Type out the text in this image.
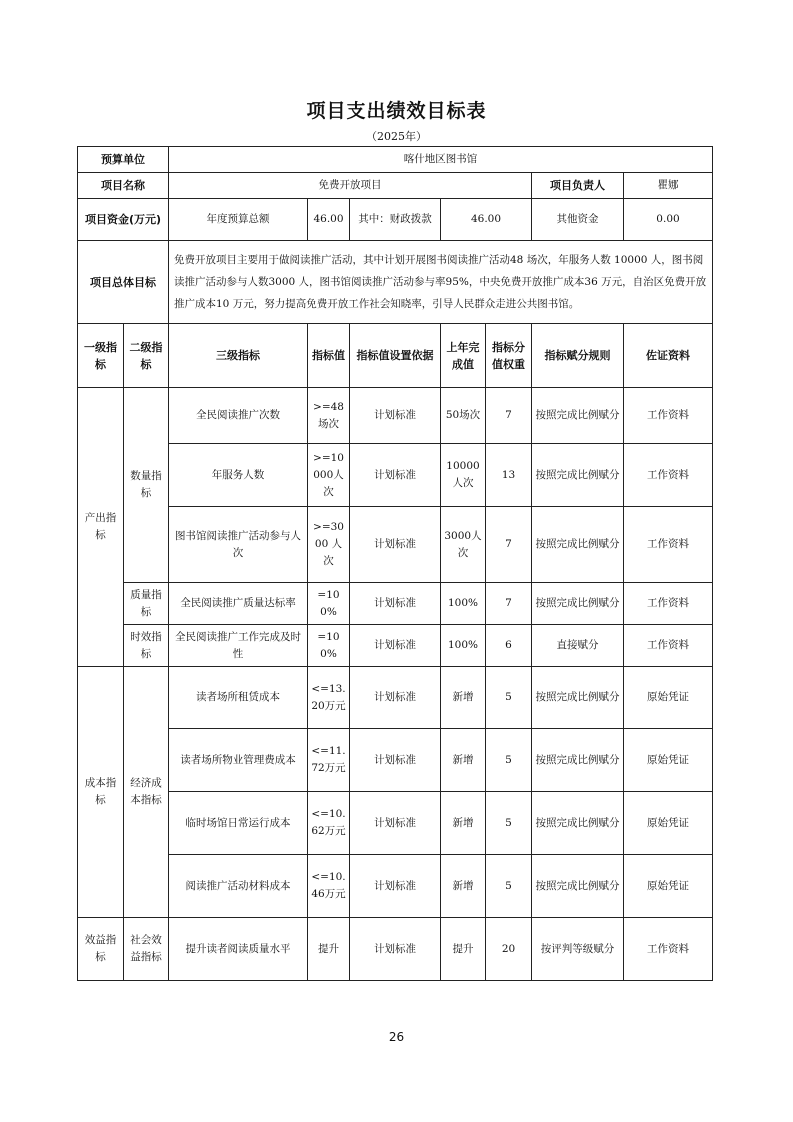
项目支出绩效目标表
（2025年）
预算单位		喀什地区图书馆						
项目名称		免费开放项目					项目负责人	瞿娜
项目资金(万元)		年度预算总额	46.00	其中：财政拨款	46.00		其他资金	0.00
项目总体目标		免费开放项目主要用于做阅读推广活动，其中计划开展图书阅读推广活动48 场次，年服务人数 10000 人，图书阅读推广活动参与人数3000 人，图书馆阅读推广活动参与率95%，中央免费开放推广成本36 万元，自治区免费开放推广成本10 万元，努力提高免费开放工作社会知晓率，引导人民群众走进公共图书馆。						
一级指标	二级指标	三级指标	指标值	指标值设置依据	上年完成值	指标分值权重	指标赋分规则	佐证资料
产出指标	数量指标	全民阅读推广次数	>=48 场次	计划标准	50场次	7	按照完成比例赋分	工作资料
		年服务人数	>=10000人次	计划标准	10000人次	13	按照完成比例赋分	工作资料
		图书馆阅读推广活动参与人次	>=3000 人次	计划标准	3000人次	7	按照完成比例赋分	工作资料
	质量指标	全民阅读推广质量达标率	=100%	计划标准	100%	7	按照完成比例赋分	工作资料
	时效指标	全民阅读推广工作完成及时性	=100%	计划标准	100%	6	直接赋分	工作资料
成本指标	经济成本指标	读者场所租赁成本	<=13.20万元	计划标准	新增	5	按照完成比例赋分	原始凭证
		读者场所物业管理费成本	<=11.72万元	计划标准	新增	5	按照完成比例赋分	原始凭证
		临时场馆日常运行成本	<=10.62万元	计划标准	新增	5	按照完成比例赋分	原始凭证
		阅读推广活动材料成本	<=10.46万元	计划标准	新增	5	按照完成比例赋分	原始凭证
效益指标	社会效益指标	提升读者阅读质量水平	提升	计划标准	提升	20	按评判等级赋分	工作资料
26
